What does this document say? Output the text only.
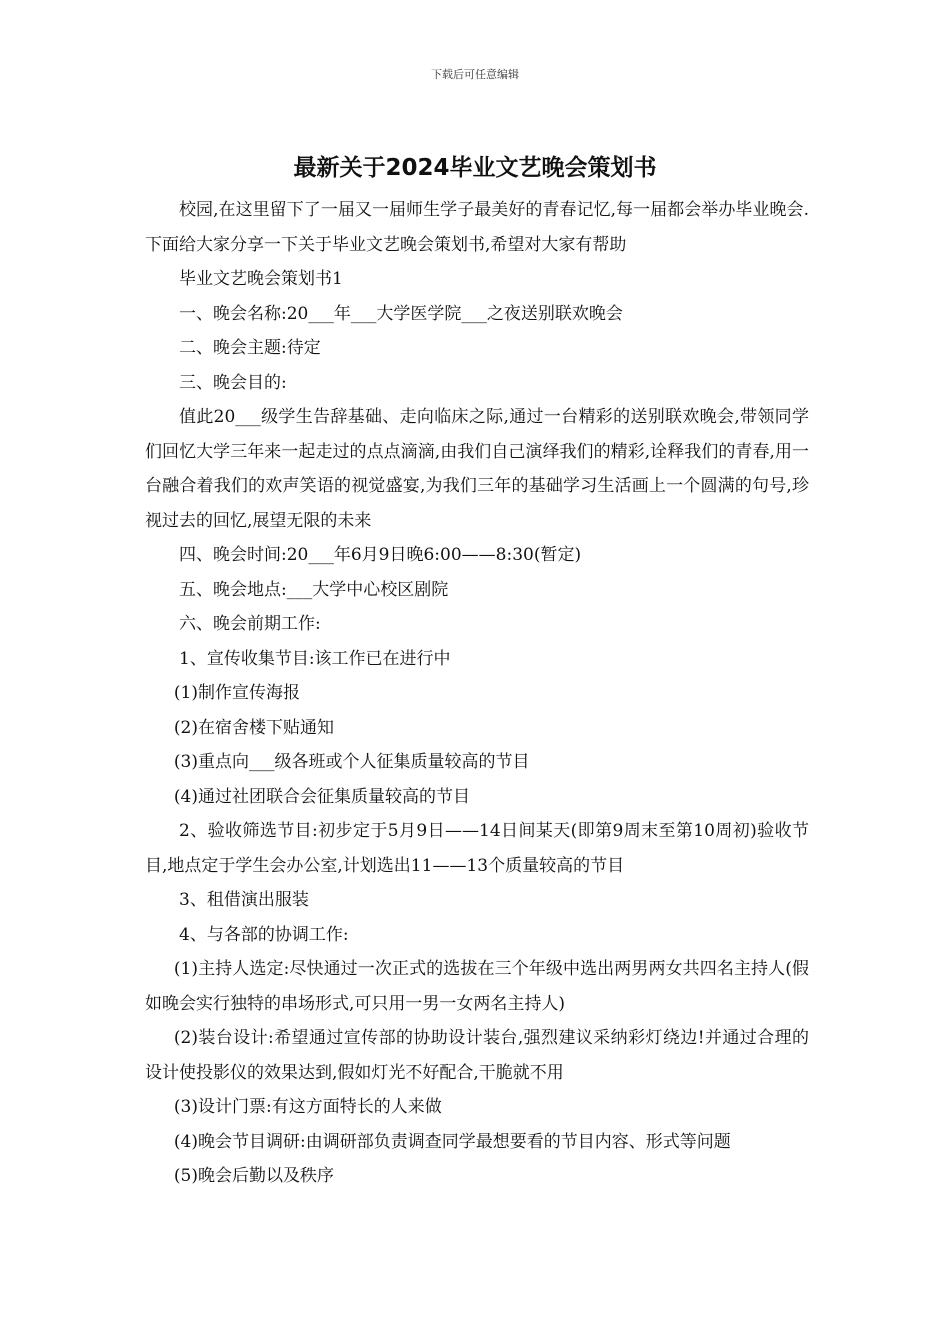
下载后可任意编辑
最新关于2024毕业文艺晚会策划书

校园,在这里留下了一届又一届师生学子最美好的青春记忆,每一届都会举办毕业晚会.下面给大家分享一下关于毕业文艺晚会策划书,希望对大家有帮助

毕业文艺晚会策划书1

一、晚会名称:20___年___大学医学院___之夜送别联欢晚会

二、晚会主题:待定

三、晚会目的:

值此20___级学生告辞基础、走向临床之际,通过一台精彩的送别联欢晚会,带领同学们回忆大学三年来一起走过的点点滴滴,由我们自己演绎我们的精彩,诠释我们的青春,用一台融合着我们的欢声笑语的视觉盛宴,为我们三年的基础学习生活画上一个圆满的句号,珍视过去的回忆,展望无限的未来

四、晚会时间:20___年6月9日晚6:00——8:30(暂定)

五、晚会地点:___大学中心校区剧院

六、晚会前期工作:

1、宣传收集节目:该工作已在进行中

(1)制作宣传海报

(2)在宿舍楼下贴通知

(3)重点向___级各班或个人征集质量较高的节目

(4)通过社团联合会征集质量较高的节目

2、验收筛选节目:初步定于5月9日——14日间某天(即第9周末至第10周初)验收节目,地点定于学生会办公室,计划选出11——13个质量较高的节目

3、租借演出服装

4、与各部的协调工作:

(1)主持人选定:尽快通过一次正式的选拔在三个年级中选出两男两女共四名主持人(假如晚会实行独特的串场形式,可只用一男一女两名主持人)

(2)装台设计:希望通过宣传部的协助设计装台,强烈建议采纳彩灯绕边!并通过合理的设计使投影仪的效果达到,假如灯光不好配合,干脆就不用

(3)设计门票:有这方面特长的人来做

(4)晚会节目调研:由调研部负责调查同学最想要看的节目内容、形式等问题

(5)晚会后勤以及秩序
